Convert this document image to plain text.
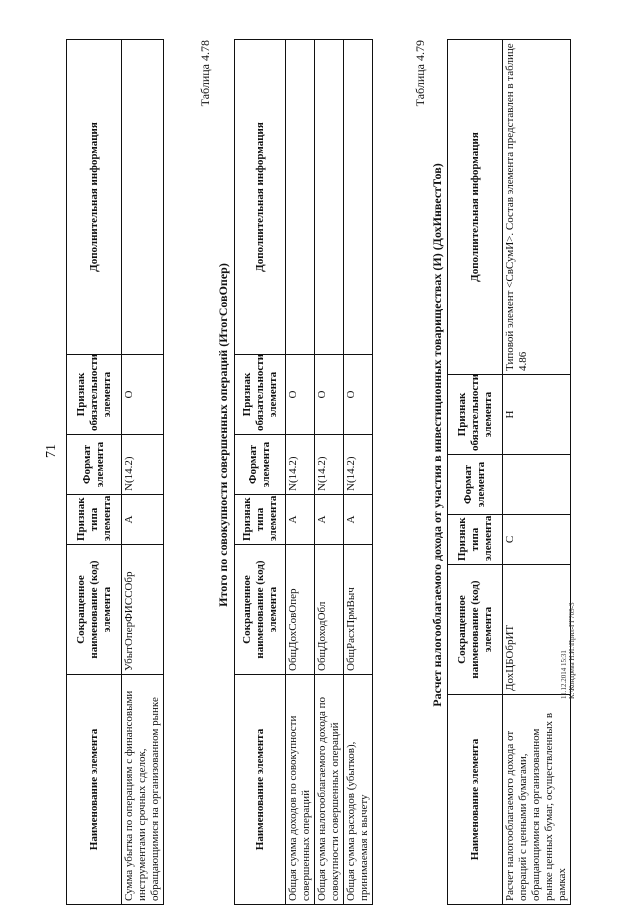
71
Наименование элемента	Сокращенное наименование (код) элемента	Признак типа элемента	Формат элемента	Признак обязательности элемента	Дополнительная информация
Сумма убытка по операциям с финансовыми инструментами срочных сделок, обращающимися на организованном рынке	УбытОперФИССОбр	А	N(14.2)	О	
Таблица 4.78
Итого по совокупности совершенных операций (ИтогСовОпер)
Наименование элемента	Сокращенное наименование (код) элемента	Признак типа элемента	Формат элемента	Признак обязательности элемента	Дополнительная информация
Общая сумма доходов по совокупности совершенных операций	ОбщДохСовОпер	А	N(14.2)	О	
Общая сумма налогооблагаемого дохода по совокупности совершенных операций	ОбщДоходОбл	А	N(14.2)	О	
Общая сумма расходов (убытков), принимаемая к вычету	ОбщРасхПрмВыч	А	N(14.2)	О	
Таблица 4.79
Расчет налогооблагаемого дохода от участия в инвестиционных товариществах (И) (ДохИнвестТов)
Наименование элемента	Сокращенное наименование (код) элемента	Признак типа элемента	Формат элемента	Признак обязательности элемента	Дополнительная информация
Расчет налогооблагаемого дохода от операций с ценными бумагами, обращающимися на организованном рынке ценных бумаг, осуществленных в рамках	ДохЦБОбрИТ	С		Н	Типовой элемент <СвСумИ>. Состав элемента представлен в таблице 4.86
11.12.2014 15:31 К:\Кондрева Н.И.\Прил-ГГ709-3
